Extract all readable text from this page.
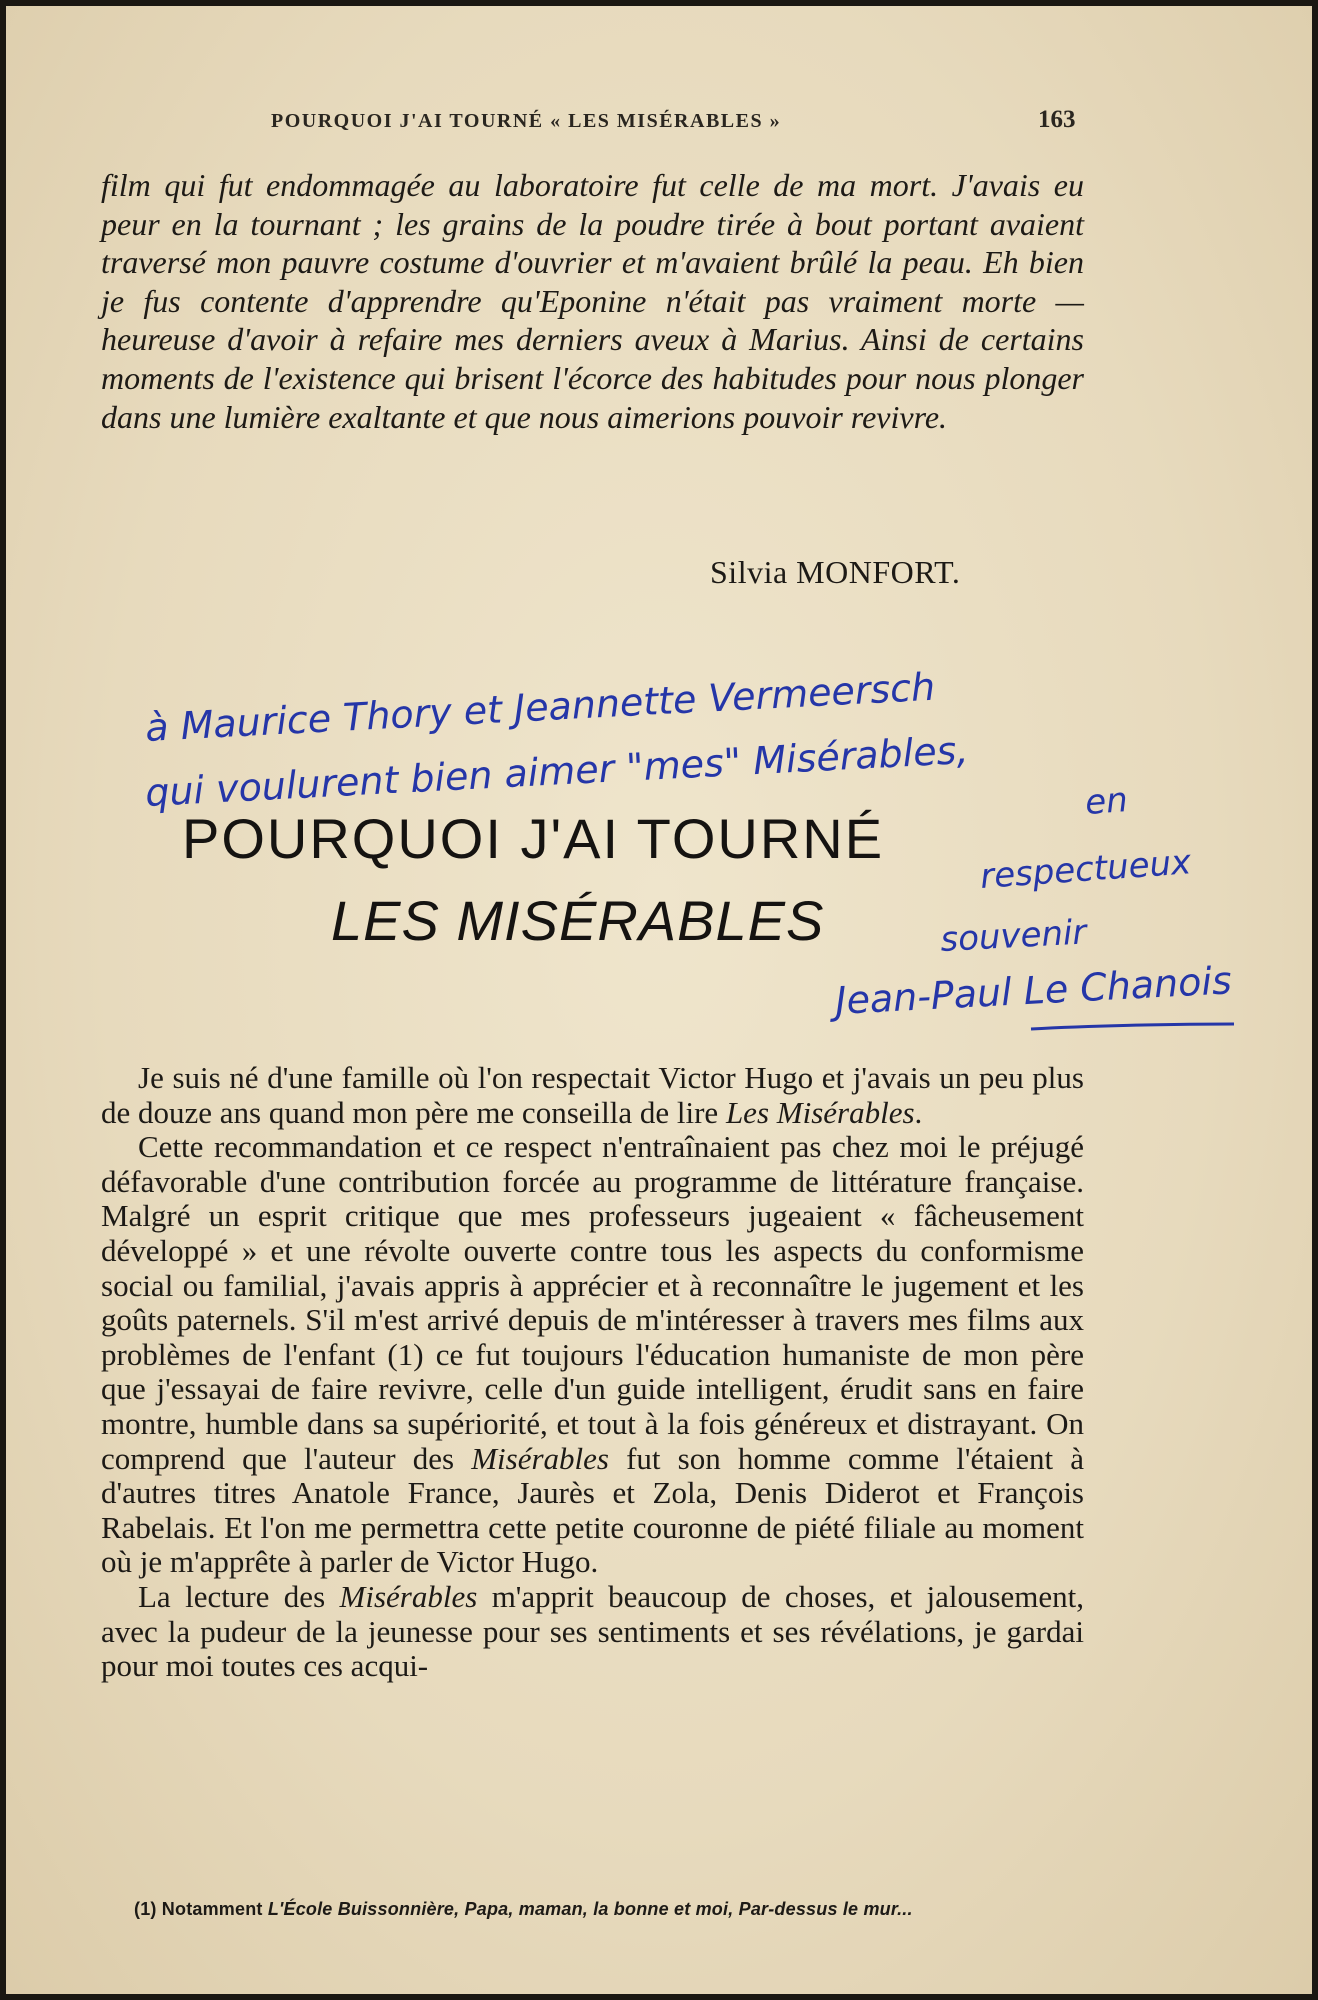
POURQUOI J'AI TOURNÉ « LES MISÉRABLES »	163

film qui fut endommagée au laboratoire fut celle de ma mort. J'avais eu peur en la tournant ; les grains de la poudre tirée à bout portant avaient traversé mon pauvre costume d'ouvrier et m'avaient brûlé la peau. Eh bien je fus contente d'apprendre qu'Eponine n'était pas vraiment morte — heureuse d'avoir à refaire mes derniers aveux à Marius. Ainsi de certains moments de l'existence qui brisent l'écorce des habitudes pour nous plonger dans une lumière exaltante et que nous aimerions pouvoir revivre.

Silvia MONFORT.
POURQUOI J'AI TOURNÉ
LES MISÉRABLES

Je suis né d'une famille où l'on respectait Victor Hugo et j'avais un peu plus de douze ans quand mon père me conseilla de lire Les Misérables.

Cette recommandation et ce respect n'entraînaient pas chez moi le préjugé défavorable d'une contribution forcée au programme de littérature française. Malgré un esprit critique que mes professeurs jugeaient « fâcheusement développé » et une révolte ouverte contre tous les aspects du conformisme social ou familial, j'avais appris à apprécier et à reconnaître le jugement et les goûts paternels. S'il m'est arrivé depuis de m'intéresser à travers mes films aux problèmes de l'enfant (1) ce fut toujours l'éducation humaniste de mon père que j'essayai de faire revivre, celle d'un guide intelligent, érudit sans en faire montre, humble dans sa supériorité, et tout à la fois généreux et distrayant. On comprend que l'auteur des Misérables fut son homme comme l'étaient à d'autres titres Anatole France, Jaurès et Zola, Denis Diderot et François Rabelais. Et l'on me permettra cette petite couronne de piété filiale au moment où je m'apprête à parler de Victor Hugo.

La lecture des Misérables m'apprit beaucoup de choses, et jalousement, avec la pudeur de la jeunesse pour ses sentiments et ses révélations, je gardai pour moi toutes ces acqui-

(1) Notamment L'École Buissonnière, Papa, maman, la bonne et moi, Par-dessus le mur...
à Maurice Thory et Jeannette Vermeersch
qui voulurent bien aimer "mes" Misérables,	en
respectueux
souvenir
Jean-Paul Le Chanois
